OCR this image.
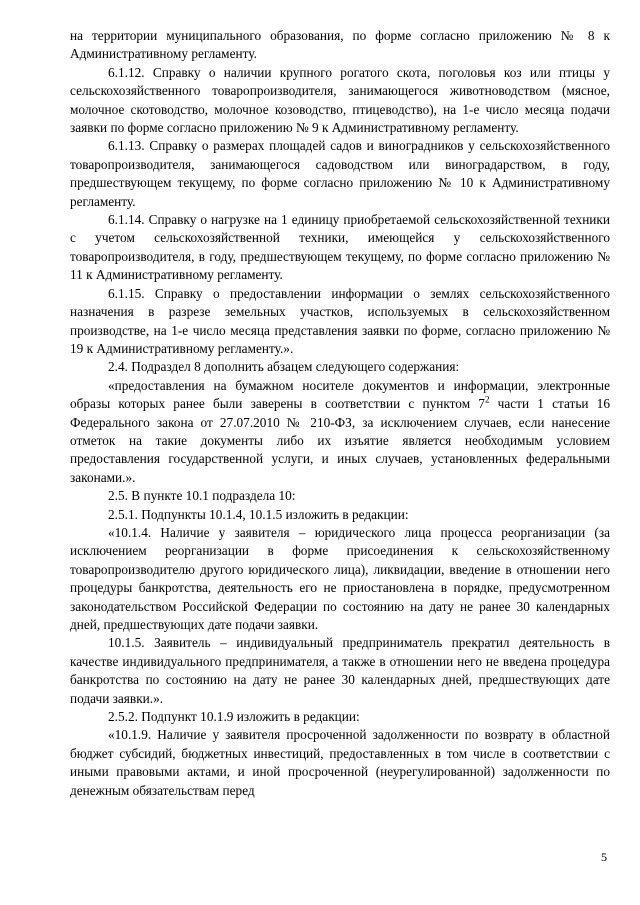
на территории муниципального образования, по форме согласно приложению № 8 к Административному регламенту.

6.1.12. Справку о наличии крупного рогатого скота, поголовья коз или птицы у сельскохозяйственного товаропроизводителя, занимающегося животноводством (мясное, молочное скотоводство, молочное козоводство, птицеводство), на 1-е число месяца подачи заявки по форме согласно приложению № 9 к Административному регламенту.

6.1.13. Справку о размерах площадей садов и виноградников у сельскохозяйственного товаропроизводителя, занимающегося садоводством или виноградарством, в году, предшествующем текущему, по форме согласно приложению № 10 к Административному регламенту.

6.1.14. Справку о нагрузке на 1 единицу приобретаемой сельскохозяйственной техники с учетом сельскохозяйственной техники, имеющейся у сельскохозяйственного товаропроизводителя, в году, предшествующем текущему, по форме согласно приложению № 11 к Административному регламенту.

6.1.15. Справку о предоставлении информации о землях сельскохозяйственного назначения в разрезе земельных участков, используемых в сельскохозяйственном производстве, на 1-е число месяца представления заявки по форме, согласно приложению № 19 к Административному регламенту.».

2.4. Подраздел 8 дополнить абзацем следующего содержания:

«предоставления на бумажном носителе документов и информации, электронные образы которых ранее были заверены в соответствии с пунктом $7^2$ части 1 статьи 16 Федерального закона от 27.07.2010 № 210-ФЗ, за исключением случаев, если нанесение отметок на такие документы либо их изъятие является необходимым условием предоставления государственной услуги, и иных случаев, установленных федеральными законами.».

2.5. В пункте 10.1 подраздела 10:

2.5.1. Подпункты 10.1.4, 10.1.5 изложить в редакции:

«10.1.4. Наличие у заявителя – юридического лица процесса реорганизации (за исключением реорганизации в форме присоединения к сельскохозяйственному товаропроизводителю другого юридического лица), ликвидации, введение в отношении него процедуры банкротства, деятельность его не приостановлена в порядке, предусмотренном законодательством Российской Федерации по состоянию на дату не ранее 30 календарных дней, предшествующих дате подачи заявки.

10.1.5. Заявитель – индивидуальный предприниматель прекратил деятельность в качестве индивидуального предпринимателя, а также в отношении него не введена процедура банкротства по состоянию на дату не ранее 30 календарных дней, предшествующих дате подачи заявки.».

2.5.2. Подпункт 10.1.9 изложить в редакции:

«10.1.9. Наличие у заявителя просроченной задолженности по возврату в областной бюджет субсидий, бюджетных инвестиций, предоставленных в том числе в соответствии с иными правовыми актами, и иной просроченной (неурегулированной) задолженности по денежным обязательствам перед

5
